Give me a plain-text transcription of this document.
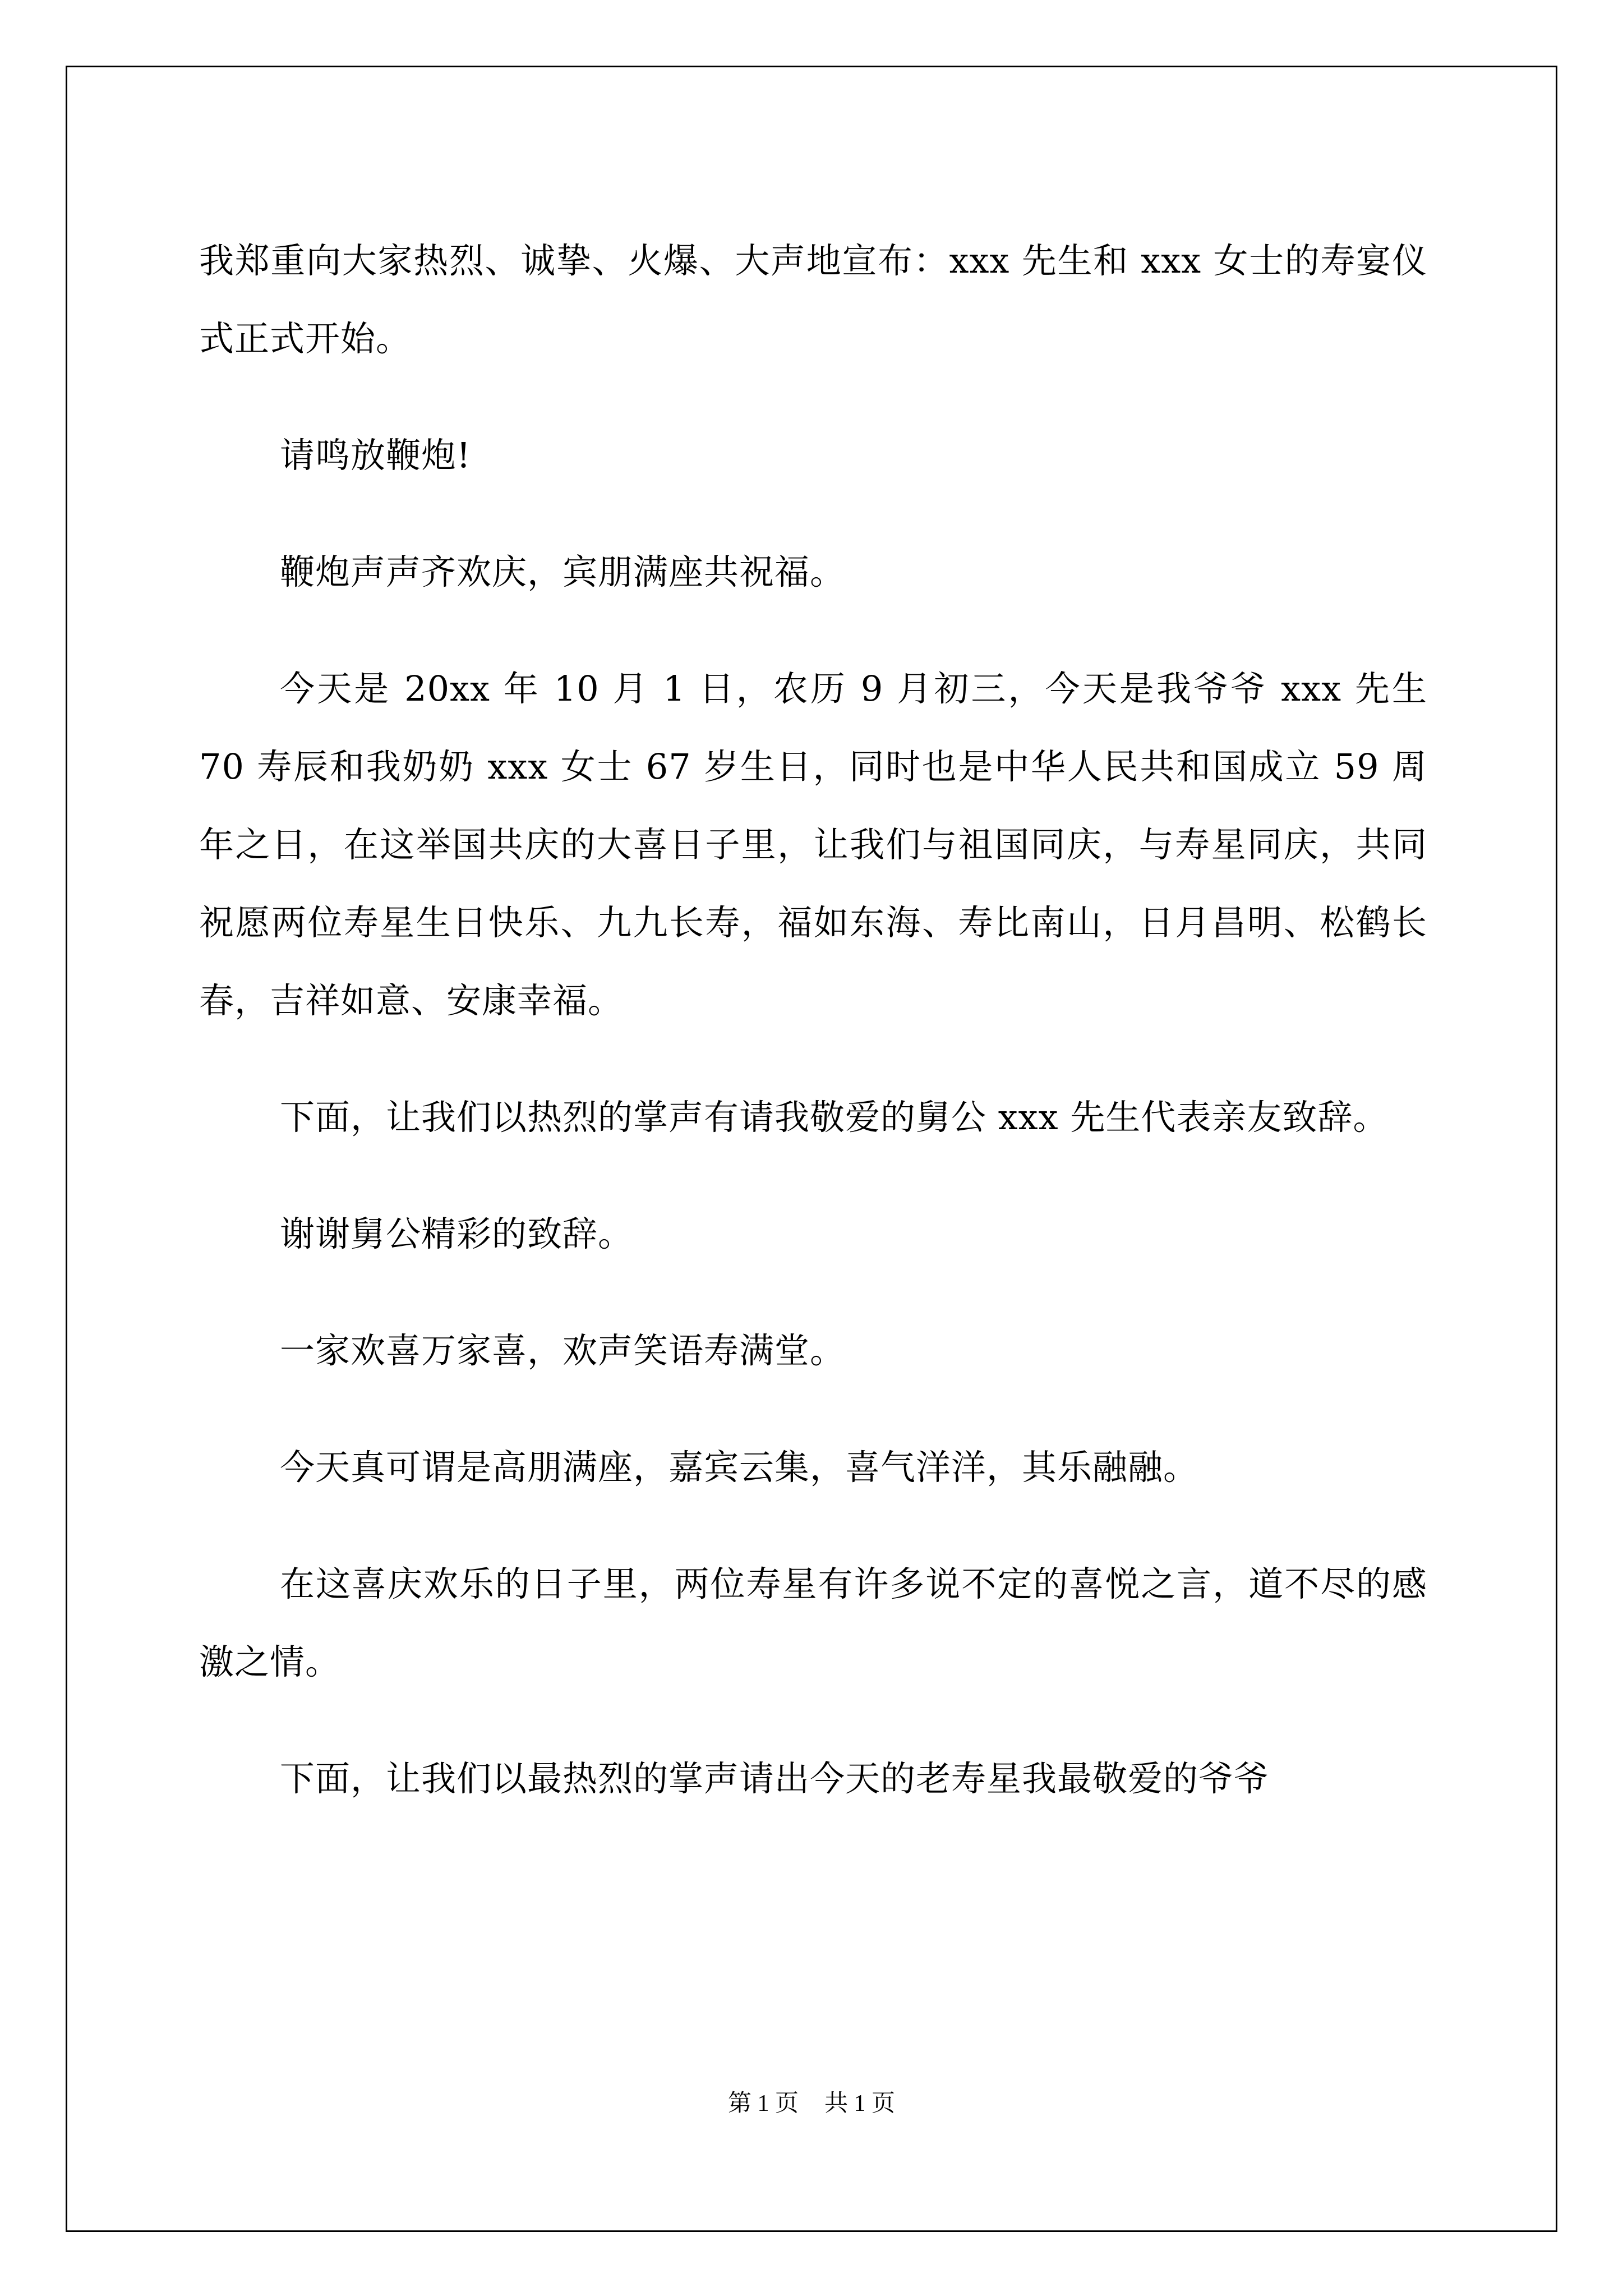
我郑重向大家热烈、诚挚、火爆、大声地宣布：xxx 先生和 xxx 女士的寿宴仪式正式开始。

请鸣放鞭炮!

鞭炮声声齐欢庆，宾朋满座共祝福。

今天是 20xx 年 10 月 1 日，农历 9 月初三，今天是我爷爷 xxx 先生 70 寿辰和我奶奶 xxx 女士 67 岁生日，同时也是中华人民共和国成立 59 周年之日，在这举国共庆的大喜日子里，让我们与祖国同庆，与寿星同庆，共同祝愿两位寿星生日快乐、九九长寿，福如东海、寿比南山，日月昌明、松鹤长春，吉祥如意、安康幸福。

下面，让我们以热烈的掌声有请我敬爱的舅公 xxx 先生代表亲友致辞。

谢谢舅公精彩的致辞。

一家欢喜万家喜，欢声笑语寿满堂。

今天真可谓是高朋满座，嘉宾云集，喜气洋洋，其乐融融。

在这喜庆欢乐的日子里，两位寿星有许多说不定的喜悦之言，道不尽的感激之情。

下面，让我们以最热烈的掌声请出今天的老寿星我最敬爱的爷爷

第 1 页 共 1 页
